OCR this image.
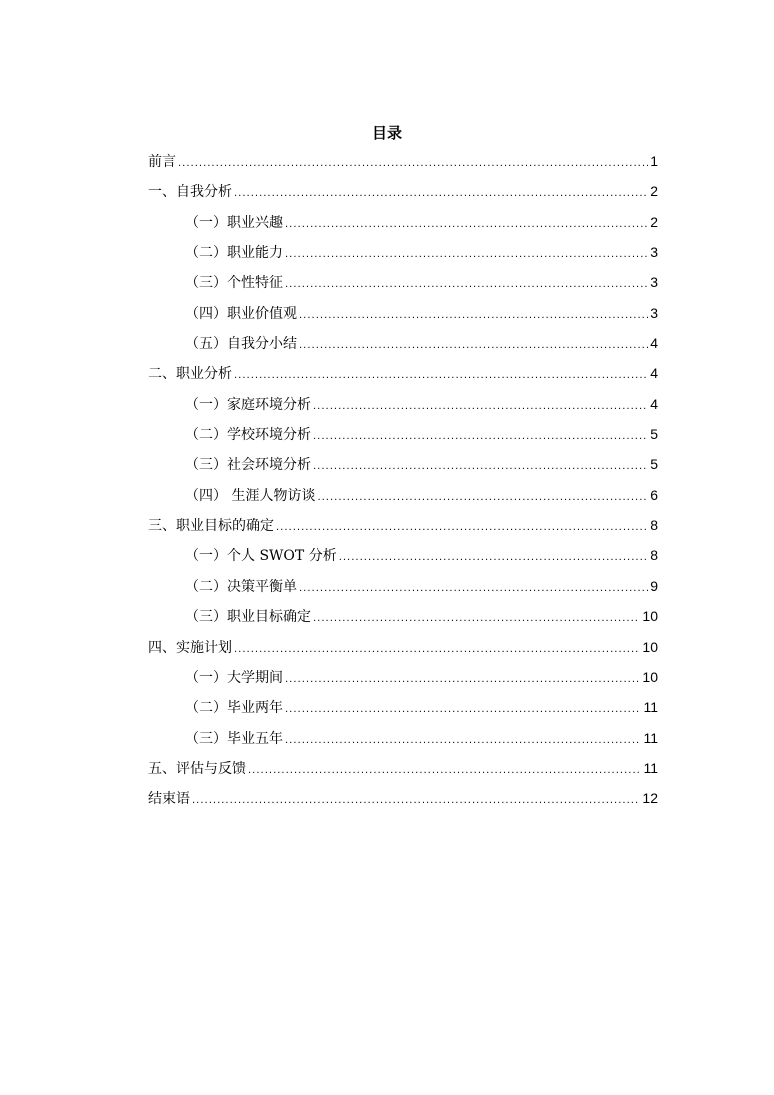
目录
前言 .....	1
一、自我分析 .....	2
（一）职业兴趣 .....	2
（二）职业能力 .....	3
（三）个性特征 .....	3
（四）职业价值观 .....	3
（五）自我分小结 .....	4
二、职业分析 .....	4
（一）家庭环境分析 .....	4
（二）学校环境分析 .....	5
（三）社会环境分析 .....	5
（四） 生涯人物访谈 .....	6
三、职业目标的确定 .....	8
（一）个人 SWOT 分析 .....	8
（二）决策平衡单 .....	9
（三）职业目标确定 .....	10
四、实施计划 .....	10
（一）大学期间 .....	10
（二）毕业两年 .....	11
（三）毕业五年 .....	11
五、评估与反馈 .....	11
结束语 .....	12
